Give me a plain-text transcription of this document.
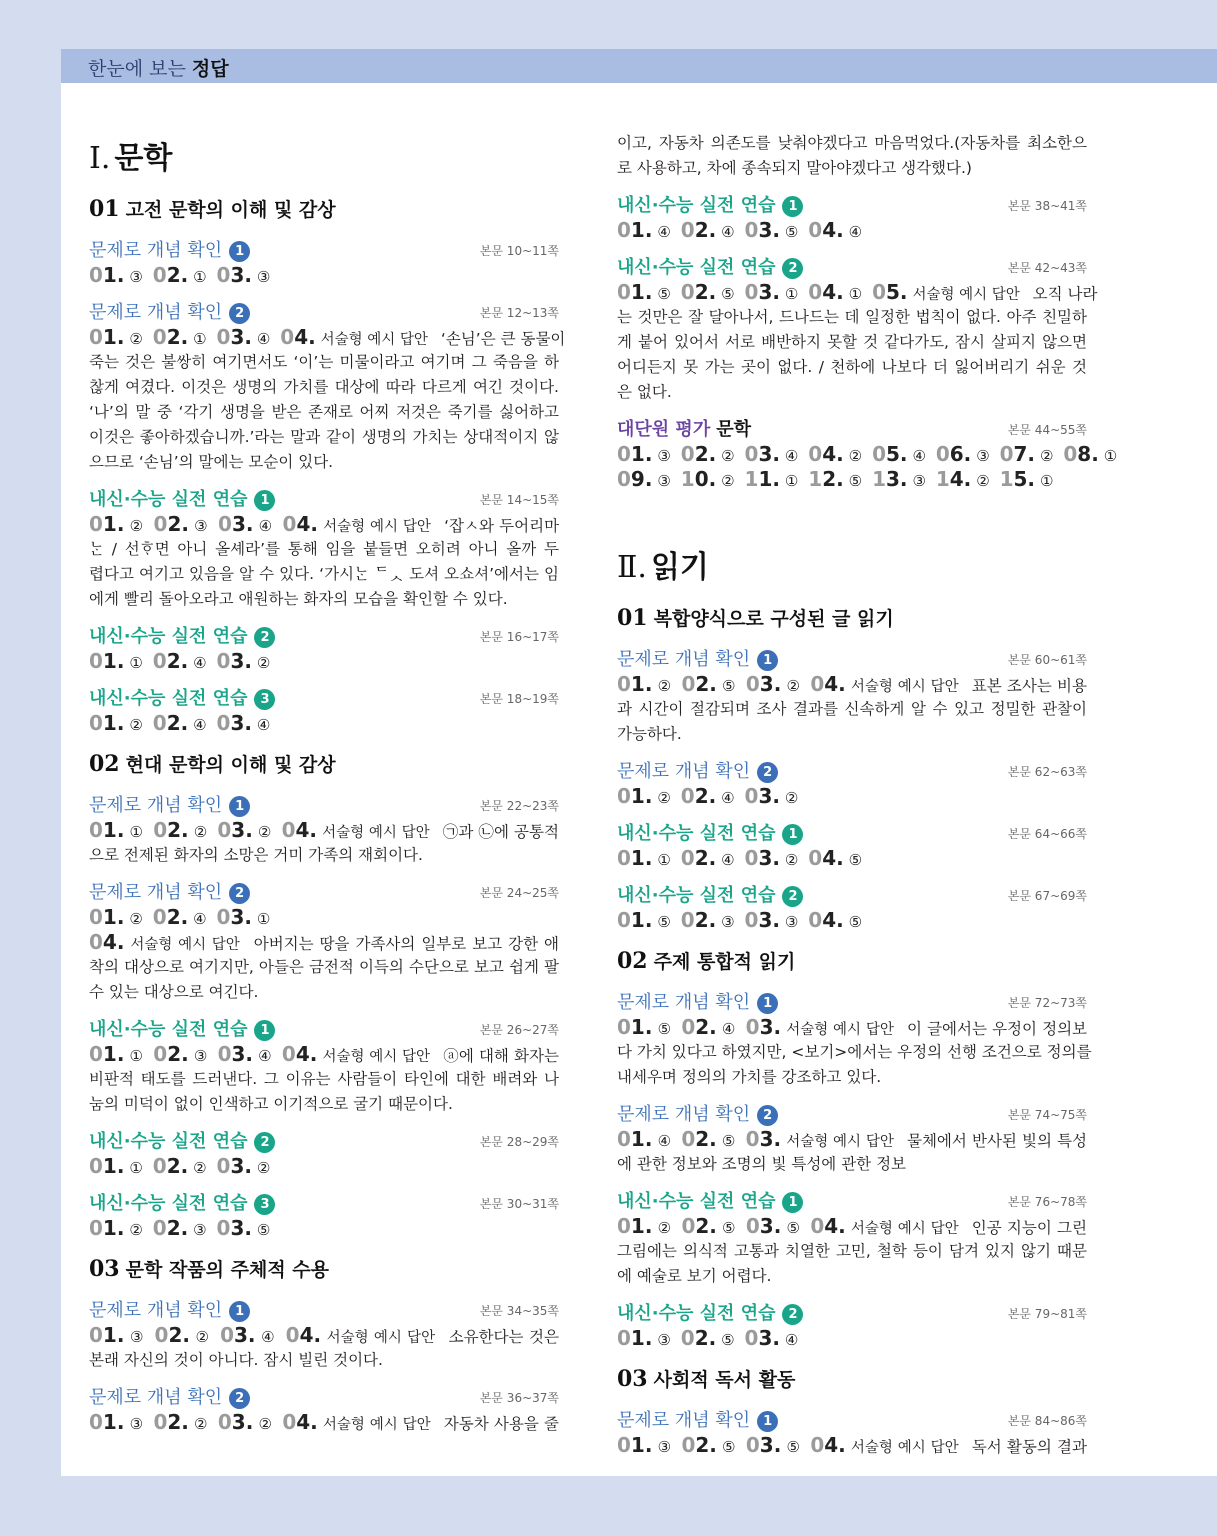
한눈에 보는 정답
Ⅰ. 문학
01 고전 문학의 이해 및 감상
문제로 개념 확인 1	본문 10~11쪽
01. ③ 02. ① 03. ③
문제로 개념 확인 2	본문 12~13쪽
01. ② 02. ① 03. ④ 04. 서술형 예시 답안 ‘손님’은 큰 동물이
죽는 것은 불쌍히 여기면서도 ‘이’는 미물이라고 여기며 그 죽음을 하
찮게 여겼다. 이것은 생명의 가치를 대상에 따라 다르게 여긴 것이다.
‘나’의 말 중 ‘각기 생명을 받은 존재로 어찌 저것은 죽기를 싫어하고
이것은 좋아하겠습니까.’라는 말과 같이 생명의 가치는 상대적이지 않
으므로 ‘손님’의 말에는 모순이 있다.
내신·수능 실전 연습 1	본문 14~15쪽
01. ② 02. ③ 03. ④ 04. 서술형 예시 답안 ‘잡ㅅ와 두어리마
ᄂᆞᆫ / 선ᄒᆞ면 아니 올셰라’를 통해 임을 붙들면 오히려 아니 올까 두
렵다고 여기고 있음을 알 수 있다. ‘가시ᄂᆞᆫ ᄃᆺ 도셔 오쇼셔’에서는 임
에게 빨리 돌아오라고 애원하는 화자의 모습을 확인할 수 있다.
내신·수능 실전 연습 2	본문 16~17쪽
01. ① 02. ④ 03. ②
내신·수능 실전 연습 3	본문 18~19쪽
01. ② 02. ④ 03. ④
02 현대 문학의 이해 및 감상
문제로 개념 확인 1	본문 22~23쪽
01. ① 02. ② 03. ② 04. 서술형 예시 답안 ㉠과 ㉡에 공통적
으로 전제된 화자의 소망은 거미 가족의 재회이다.
문제로 개념 확인 2	본문 24~25쪽
01. ② 02. ④ 03. ①
04. 서술형 예시 답안 아버지는 땅을 가족사의 일부로 보고 강한 애
착의 대상으로 여기지만, 아들은 금전적 이득의 수단으로 보고 쉽게 팔
수 있는 대상으로 여긴다.
내신·수능 실전 연습 1	본문 26~27쪽
01. ① 02. ③ 03. ④ 04. 서술형 예시 답안 ⓐ에 대해 화자는
비판적 태도를 드러낸다. 그 이유는 사람들이 타인에 대한 배려와 나
눔의 미덕이 없이 인색하고 이기적으로 굴기 때문이다.
내신·수능 실전 연습 2	본문 28~29쪽
01. ① 02. ② 03. ②
내신·수능 실전 연습 3	본문 30~31쪽
01. ② 02. ③ 03. ⑤
03 문학 작품의 주체적 수용
문제로 개념 확인 1	본문 34~35쪽
01. ③ 02. ② 03. ④ 04. 서술형 예시 답안 소유한다는 것은
본래 자신의 것이 아니다. 잠시 빌린 것이다.
문제로 개념 확인 2	본문 36~37쪽
01. ③ 02. ② 03. ② 04. 서술형 예시 답안 자동차 사용을 줄
이고, 자동차 의존도를 낮춰야겠다고 마음먹었다.(자동차를 최소한으
로 사용하고, 차에 종속되지 말아야겠다고 생각했다.)
내신·수능 실전 연습 1	본문 38~41쪽
01. ④ 02. ④ 03. ⑤ 04. ④
내신·수능 실전 연습 2	본문 42~43쪽
01. ⑤ 02. ⑤ 03. ① 04. ① 05. 서술형 예시 답안 오직 나라
는 것만은 잘 달아나서, 드나드는 데 일정한 법칙이 없다. 아주 친밀하
게 붙어 있어서 서로 배반하지 못할 것 같다가도, 잠시 살피지 않으면
어디든지 못 가는 곳이 없다. / 천하에 나보다 더 잃어버리기 쉬운 것
은 없다.
대단원 평가 문학	본문 44~55쪽
01. ③ 02. ② 03. ④ 04. ② 05. ④ 06. ③ 07. ② 08. ①
09. ③ 10. ② 11. ① 12. ⑤ 13. ③ 14. ② 15. ①
Ⅱ. 읽기
01 복합양식으로 구성된 글 읽기
문제로 개념 확인 1	본문 60~61쪽
01. ② 02. ⑤ 03. ② 04. 서술형 예시 답안 표본 조사는 비용
과 시간이 절감되며 조사 결과를 신속하게 알 수 있고 정밀한 관찰이
가능하다.
문제로 개념 확인 2	본문 62~63쪽
01. ② 02. ④ 03. ②
내신·수능 실전 연습 1	본문 64~66쪽
01. ① 02. ④ 03. ② 04. ⑤
내신·수능 실전 연습 2	본문 67~69쪽
01. ⑤ 02. ③ 03. ③ 04. ⑤
02 주제 통합적 읽기
문제로 개념 확인 1	본문 72~73쪽
01. ⑤ 02. ④ 03. 서술형 예시 답안 이 글에서는 우정이 정의보
다 가치 있다고 하였지만, <보기>에서는 우정의 선행 조건으로 정의를
내세우며 정의의 가치를 강조하고 있다.
문제로 개념 확인 2	본문 74~75쪽
01. ④ 02. ⑤ 03. 서술형 예시 답안 물체에서 반사된 빛의 특성
에 관한 정보와 조명의 빛 특성에 관한 정보
내신·수능 실전 연습 1	본문 76~78쪽
01. ② 02. ⑤ 03. ⑤ 04. 서술형 예시 답안 인공 지능이 그린
그림에는 의식적 고통과 치열한 고민, 철학 등이 담겨 있지 않기 때문
에 예술로 보기 어렵다.
내신·수능 실전 연습 2	본문 79~81쪽
01. ③ 02. ⑤ 03. ④
03 사회적 독서 활동
문제로 개념 확인 1	본문 84~86쪽
01. ③ 02. ⑤ 03. ⑤ 04. 서술형 예시 답안 독서 활동의 결과
